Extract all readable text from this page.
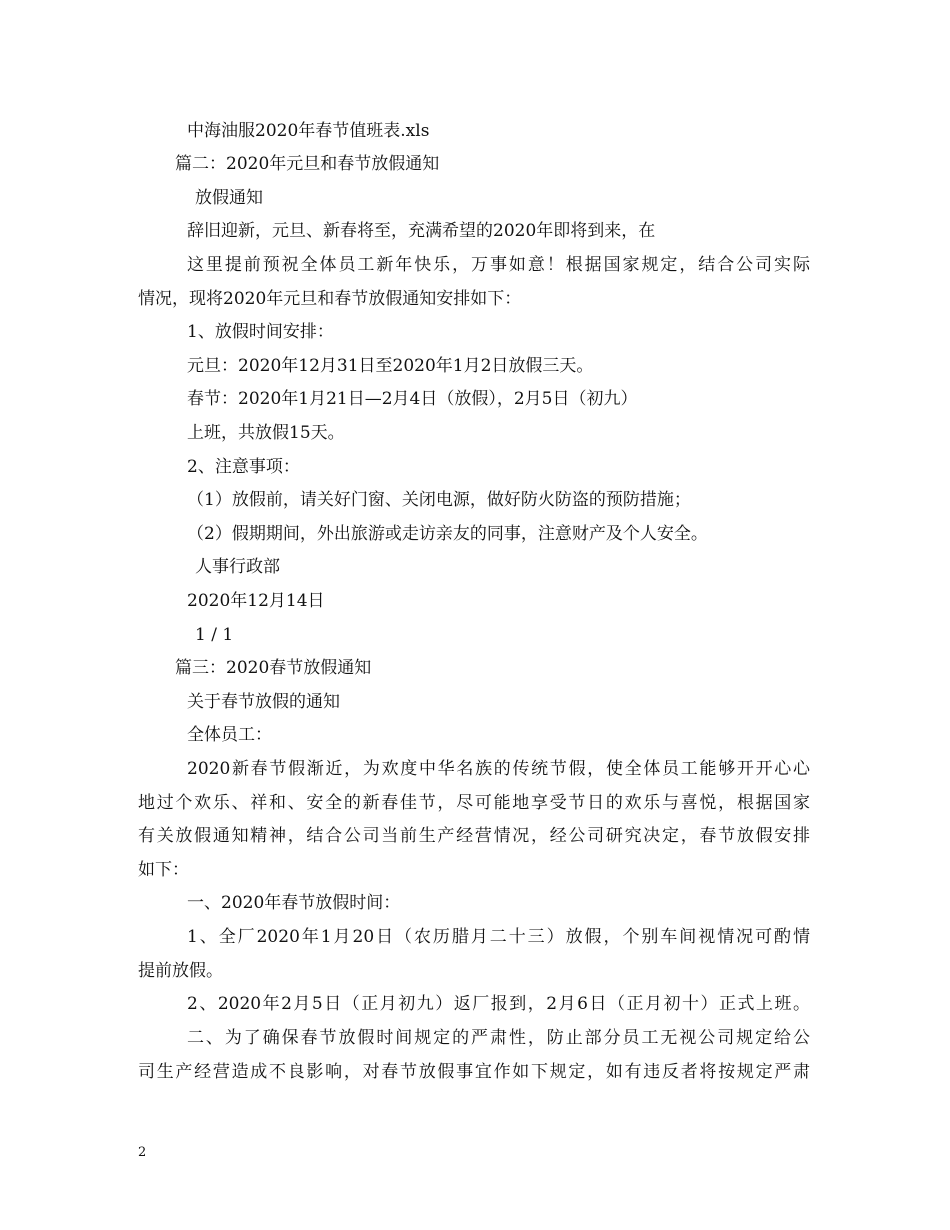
中海油服2020年春节值班表.xls
篇二：2020年元旦和春节放假通知
放假通知
辞旧迎新，元旦、新春将至，充满希望的2020年即将到来，在
这里提前预祝全体员工新年快乐，万事如意！根据国家规定，结合公司实际
情况，现将2020年元旦和春节放假通知安排如下：
1、放假时间安排：
元旦：2020年12月31日至2020年1月2日放假三天。
春节：2020年1月21日—2月4日（放假），2月5日（初九）
上班，共放假15天。
2、注意事项：
（1）放假前，请关好门窗、关闭电源，做好防火防盗的预防措施；
（2）假期期间，外出旅游或走访亲友的同事，注意财产及个人安全。
人事行政部
2020年12月14日
1 / 1
篇三：2020春节放假通知
关于春节放假的通知
全体员工：
2020新春节假渐近，为欢度中华名族的传统节假，使全体员工能够开开心心
地过个欢乐、祥和、安全的新春佳节，尽可能地享受节日的欢乐与喜悦，根据国家
有关放假通知精神，结合公司当前生产经营情况，经公司研究决定，春节放假安排
如下：
一、2020年春节放假时间：
1、全厂2020年1月20日（农历腊月二十三）放假，个别车间视情况可酌情
提前放假。
2、2020年2月5日（正月初九）返厂报到，2月6日（正月初十）正式上班。
二、为了确保春节放假时间规定的严肃性，防止部分员工无视公司规定给公
司生产经营造成不良影响，对春节放假事宜作如下规定，如有违反者将按规定严肃
2
